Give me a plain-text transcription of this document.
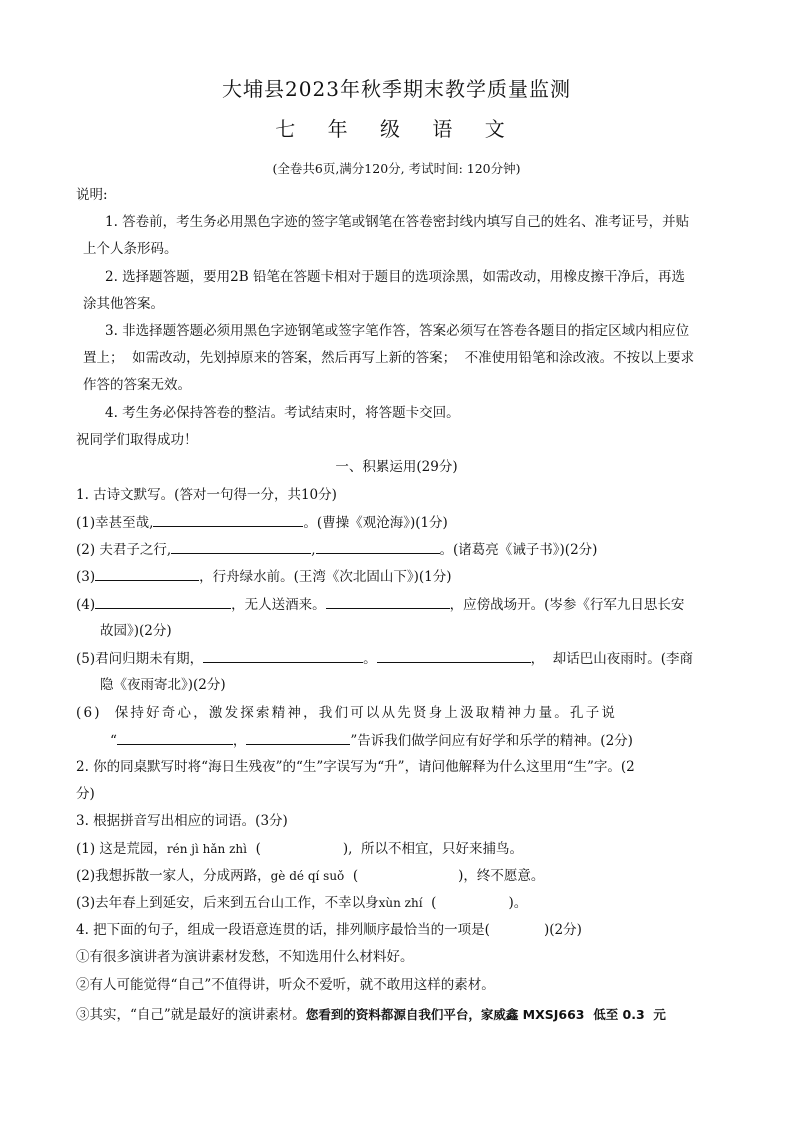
大埔县2023年秋季期末教学质量监测
七 年 级 语 文
(全卷共6页,满分120分, 考试时间: 120分钟)
说明:
1. 答卷前，考生务必用黑色字迹的签字笔或钢笔在答卷密封线内填写自己的姓名、准考证号，并贴
上个人条形码。
2. 选择题答题，要用2B 铅笔在答题卡相对于题目的选项涂黑，如需改动，用橡皮擦干净后，再选
涂其他答案。
3. 非选择题答题必须用黑色字迹钢笔或签字笔作答，答案必须写在答卷各题目的指定区域内相应位
置上；  如需改动，先划掉原来的答案，然后再写上新的答案；  不准使用铅笔和涂改液。不按以上要求
作答的答案无效。
4. 考生务必保持答卷的整洁。考试结束时，将答题卡交回。
祝同学们取得成功！
一、积累运用(29分)
1. 古诗文默写。(答对一句得一分，共10分)
(1)幸甚至哉,	。(曹操《观沧海》)(1分)
(2) 夫君子之行,	,	。(诸葛亮《诫子书》)(2分)
(3)	，行舟绿水前。(王湾《次北固山下》)(1分)
(4)	，无人送酒来。	，应傍战场开。(岑参《行军九日思长安
故园》)(2分)
(5)君问归期未有期，	。	，  却话巴山夜雨时。(李商
隐《夜雨寄北》)(2分)
(6)  保持好奇心，激发探索精神，我们可以从先贤身上汲取精神力量。孔子说
“	，	”告诉我们做学问应有好学和乐学的精神。(2分)
2. 你的同桌默写时将“海日生残夜”的“生”字误写为“升”，请问他解释为什么这里用“生”字。(2
分)
3. 根据拼音写出相应的词语。(3分)
(1) 这是荒园，rén jì hǎn zhì (	),  所以不相宜，只好来捕鸟。
(2)我想拆散一家人，分成两路，gè dé qí suǒ (	)，终不愿意。
(3)去年春上到延安，后来到五台山工作，不幸以身xùn zhí (	)。
4. 把下面的句子，组成一段语意连贯的话，排列顺序最恰当的一项是(	)(2分)
①有很多演讲者为演讲素材发愁，不知选用什么材料好。
②有人可能觉得“自己”不值得讲，听众不爱听，就不敢用这样的素材。
③其实，“自己”就是最好的演讲素材。您看到的资料都源自我们平台，家威鑫 MXSJ663  低至 0.3  元
